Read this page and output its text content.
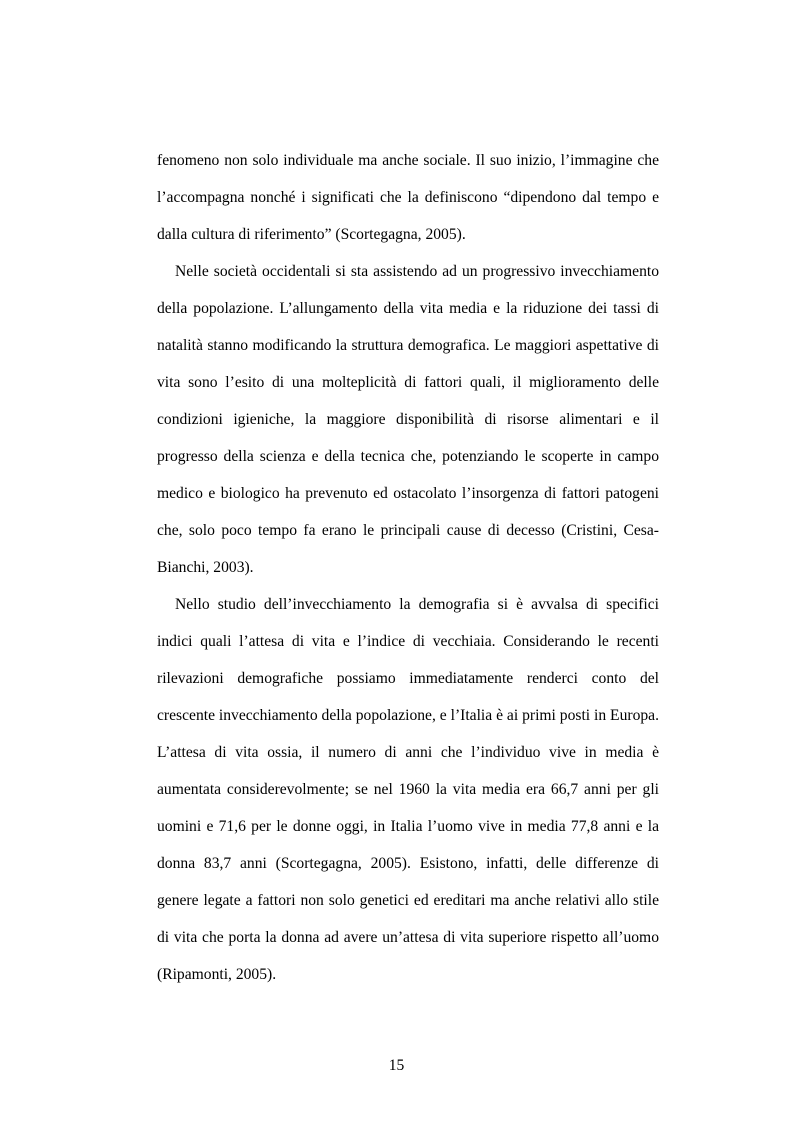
fenomeno non solo individuale ma anche sociale. Il suo inizio, l’immagine che l’accompagna nonché i significati che la definiscono “dipendono dal tempo e dalla cultura di riferimento” (Scortegagna, 2005).

Nelle società occidentali si sta assistendo ad un progressivo invecchiamento della popolazione. L’allungamento della vita media e la riduzione dei tassi di natalità stanno modificando la struttura demografica. Le maggiori aspettative di vita sono l’esito di una molteplicità di fattori quali, il miglioramento delle condizioni igieniche, la maggiore disponibilità di risorse alimentari e il progresso della scienza e della tecnica che, potenziando le scoperte in campo medico e biologico ha prevenuto ed ostacolato l’insorgenza di fattori patogeni che, solo poco tempo fa erano le principali cause di decesso (Cristini, Cesa-Bianchi, 2003).

Nello studio dell’invecchiamento la demografia si è avvalsa di specifici indici quali l’attesa di vita e l’indice di vecchiaia. Considerando le recenti rilevazioni demografiche possiamo immediatamente renderci conto del crescente invecchiamento della popolazione, e l’Italia è ai primi posti in Europa. L’attesa di vita ossia, il numero di anni che l’individuo vive in media è aumentata considerevolmente; se nel 1960 la vita media era 66,7 anni per gli uomini e 71,6 per le donne oggi, in Italia l’uomo vive in media 77,8 anni e la donna 83,7 anni (Scortegagna, 2005). Esistono, infatti, delle differenze di genere legate a fattori non solo genetici ed ereditari ma anche relativi allo stile di vita che porta la donna ad avere un’attesa di vita superiore rispetto all’uomo (Ripamonti, 2005).

15
